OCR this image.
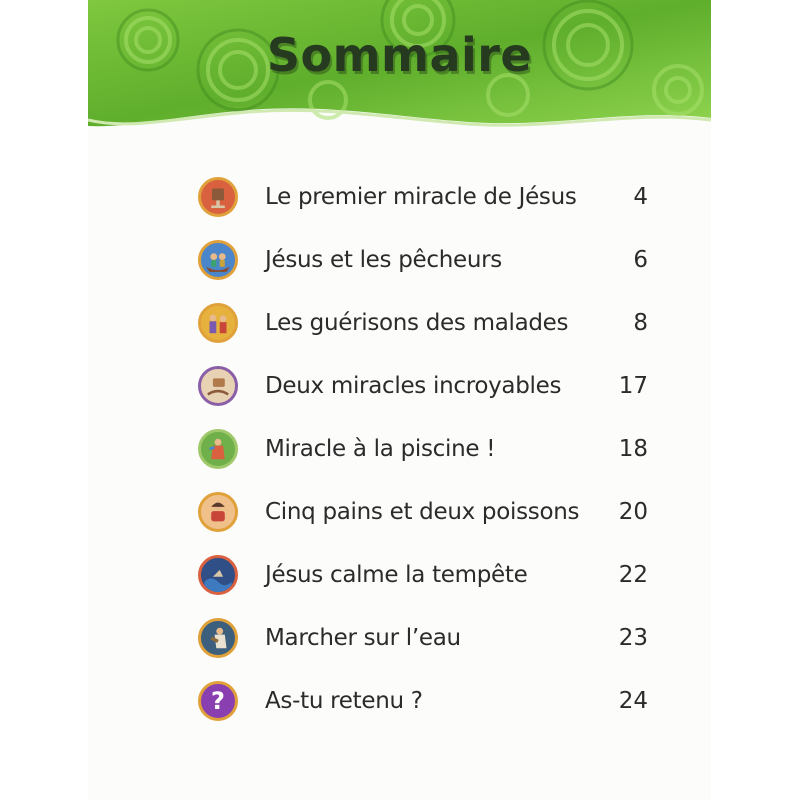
Sommaire
Le premier miracle de Jésus	4
Jésus et les pêcheurs	6
Les guérisons des malades	8
Deux miracles incroyables	17
Miracle à la piscine !	18
Cinq pains et deux poissons	20
Jésus calme la tempête	22
Marcher sur l’eau	23
? As-tu retenu ?	24
